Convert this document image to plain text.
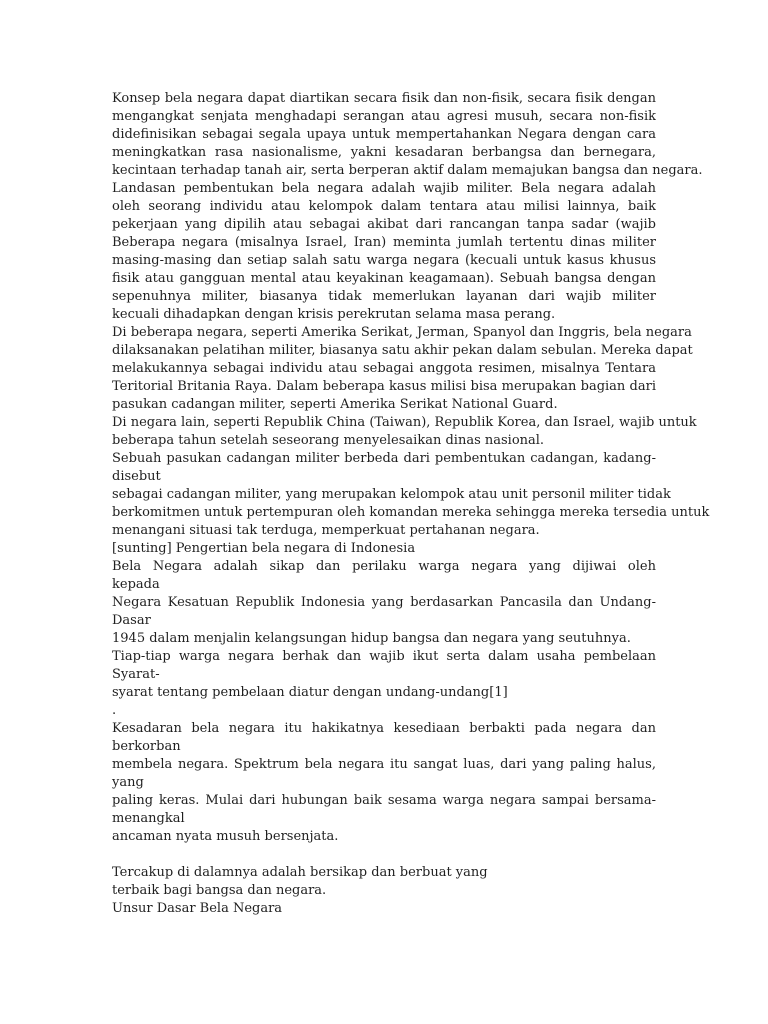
Konsep bela negara dapat diartikan secara fisik dan non-fisik, secara fisik dengan
mengangkat senjata menghadapi serangan atau agresi musuh, secara non-fisik
didefinisikan sebagai segala upaya untuk mempertahankan Negara dengan cara
meningkatkan rasa nasionalisme, yakni kesadaran berbangsa dan bernegara,
kecintaan terhadap tanah air, serta berperan aktif dalam memajukan bangsa dan negara.
Landasan pembentukan bela negara adalah wajib militer. Bela negara adalah
oleh seorang individu atau kelompok dalam tentara atau milisi lainnya, baik
pekerjaan yang dipilih atau sebagai akibat dari rancangan tanpa sadar (wajib
Beberapa negara (misalnya Israel, Iran) meminta jumlah tertentu dinas militer
masing-masing dan setiap salah satu warga negara (kecuali untuk kasus khusus
fisik atau gangguan mental atau keyakinan keagamaan). Sebuah bangsa dengan
sepenuhnya militer, biasanya tidak memerlukan layanan dari wajib militer
kecuali dihadapkan dengan krisis perekrutan selama masa perang.
Di beberapa negara, seperti Amerika Serikat, Jerman, Spanyol dan Inggris, bela negara
dilaksanakan pelatihan militer, biasanya satu akhir pekan dalam sebulan. Mereka dapat
melakukannya sebagai individu atau sebagai anggota resimen, misalnya Tentara
Teritorial Britania Raya. Dalam beberapa kasus milisi bisa merupakan bagian dari
pasukan cadangan militer, seperti Amerika Serikat National Guard.
Di negara lain, seperti Republik China (Taiwan), Republik Korea, dan Israel, wajib untuk
beberapa tahun setelah seseorang menyelesaikan dinas nasional.
Sebuah pasukan cadangan militer berbeda dari pembentukan cadangan, kadang-
disebut
sebagai cadangan militer, yang merupakan kelompok atau unit personil militer tidak
berkomitmen untuk pertempuran oleh komandan mereka sehingga mereka tersedia untuk
menangani situasi tak terduga, memperkuat pertahanan negara.
[sunting] Pengertian bela negara di Indonesia
Bela Negara adalah sikap dan perilaku warga negara yang dijiwai oleh
kepada
Negara Kesatuan Republik Indonesia yang berdasarkan Pancasila dan Undang-
Dasar
1945 dalam menjalin kelangsungan hidup bangsa dan negara yang seutuhnya.
Tiap-tiap warga negara berhak dan wajib ikut serta dalam usaha pembelaan
Syarat-
syarat tentang pembelaan diatur dengan undang-undang[1]
.
Kesadaran bela negara itu hakikatnya kesediaan berbakti pada negara dan
berkorban
membela negara. Spektrum bela negara itu sangat luas, dari yang paling halus,
yang
paling keras. Mulai dari hubungan baik sesama warga negara sampai bersama-
menangkal
ancaman nyata musuh bersenjata.
Tercakup di dalamnya adalah bersikap dan berbuat yang
terbaik bagi bangsa dan negara.
Unsur Dasar Bela Negara
